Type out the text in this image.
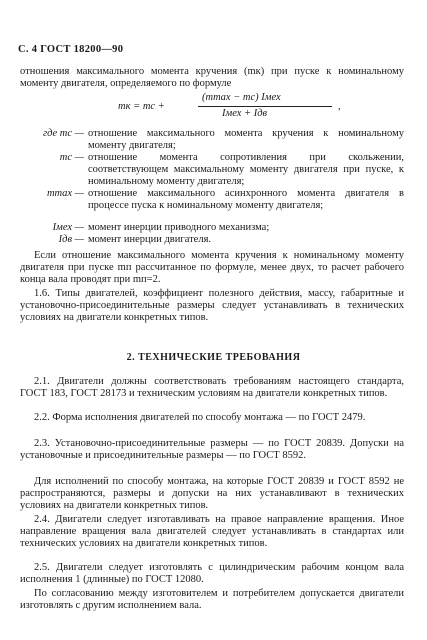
С. 4 ГОСТ 18200—90

отношения максимального момента кручения (mк) при пуске к номинальному моменту двигателя, определяемого по формуле

mк = mс +
(mmax − mс) Iмех
Iмех + Iдв
,
где mс — отношение максимального момента кручения к номинальному моменту двигателя;
mс — отношение момента сопротивления при скольжении, соответствующем максимальному моменту двигателя при пуске, к номинальному моменту двигателя;
mmax — отношение максимального асинхронного момента двигателя в процессе пуска к номинальному моменту двигателя;
Iмех — момент инерции приводного механизма;
Iдв — момент инерции двигателя.

Если отношение максимального момента кручения к номинальному моменту двигателя при пуске mп рассчитанное по формуле, менее двух, то расчет рабочего конца вала проводят при mп=2.

1.6. Типы двигателей, коэффициент полезного действия, массу, габаритные и установочно-присоединительные размеры следует устанавливать в технических условиях на двигатели конкретных типов.

2. ТЕХНИЧЕСКИЕ ТРЕБОВАНИЯ

2.1. Двигатели должны соответствовать требованиям настоящего стандарта, ГОСТ 183, ГОСТ 28173 и техническим условиям на двигатели конкретных типов.

2.2. Форма исполнения двигателей по способу монтажа — по ГОСТ 2479.

2.3. Установочно-присоединительные размеры — по ГОСТ 20839. Допуски на установочные и присоединительные размеры — по ГОСТ 8592.

Для исполнений по способу монтажа, на которые ГОСТ 20839 и ГОСТ 8592 не распространяются, размеры и допуски на них устанавливают в технических условиях на двигатели конкретных типов.

2.4. Двигатели следует изготавливать на правое направление вращения. Иное направление вращения вала двигателей следует устанавливать в стандартах или технических условиях на двигатели конкретных типов.

2.5. Двигатели следует изготовлять с цилиндрическим рабочим концом вала исполнения 1 (длинные) по ГОСТ 12080.

По согласованию между изготовителем и потребителем допускается двигатели изготовлять с другим исполнением вала.
